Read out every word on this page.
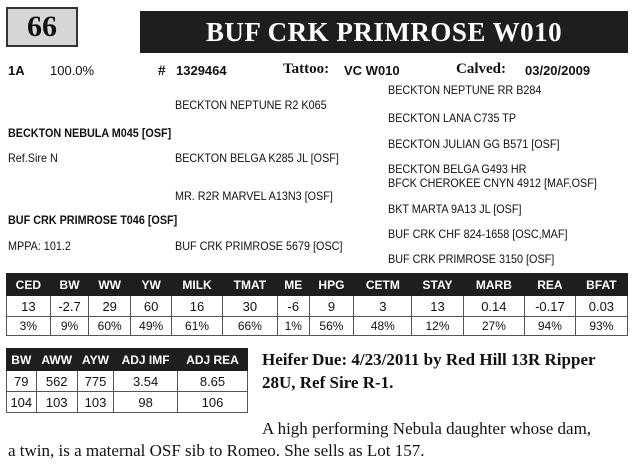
66	BUF CRK PRIMROSE W010
1A 100.0%	# 1329464	Tattoo: VC W010	Calved: 03/20/2009
BECKTON NEPTUNE R2 K065
BECKTON NEPTUNE RR B284
BECKTON LANA C735 TP
BECKTON NEBULA M045 [OSF]
Ref.Sire N	BECKTON BELGA K285 JL [OSF]
BECKTON JULIAN GG B571 [OSF]
BECKTON BELGA G493 HR
BFCK CHEROKEE CNYN 4912 [MAF,OSF]
MR. R2R MARVEL A13N3 [OSF]
BKT MARTA 9A13 JL [OSF]
BUF CRK PRIMROSE T046 [OSF]
BUF CRK CHF 824-1658 [OSC,MAF]
MPPA: 101.2	BUF CRK PRIMROSE 5679 [OSC]
BUF CRK PRIMROSE 3150 [OSF]
CED	BW	WW	YW	MILK	TMAT	ME	HPG	CETM	STAY	MARB	REA	BFAT
13	-2.7	29	60	16	30	-6	9	3	13	0.14	-0.17	0.03
3%	9%	60%	49%	61%	66%	1%	56%	48%	12%	27%	94%	93%
BW	AWW	AYW	ADJ IMF	ADJ REA
79	562	775	3.54	8.65
104	103	103	98	106
Heifer Due: 4/23/2011 by Red Hill 13R Ripper 28U, Ref Sire R-1.
A high performing Nebula daughter whose dam,
a twin, is a maternal OSF sib to Romeo. She sells as Lot 157.
